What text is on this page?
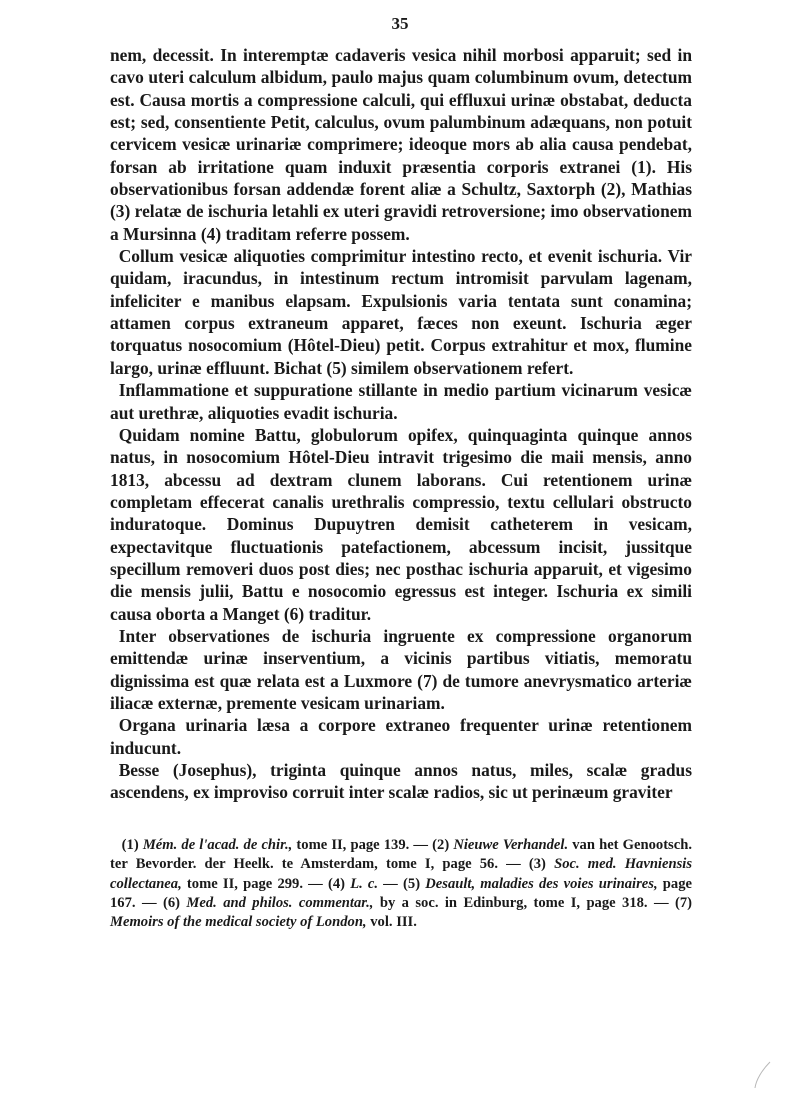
35

nem, decessit. In interemptæ cadaveris vesica nihil morbosi apparuit; sed in cavo uteri calculum albidum, paulo majus quam columbinum ovum, detectum est. Causa mortis a compressione calculi, qui effluxui urinæ obstabat, deducta est; sed, consentiente Petit, calculus, ovum palumbinum adæquans, non potuit cervicem vesicæ urinariæ comprimere; ideoque mors ab alia causa pendebat, forsan ab irritatione quam induxit præsentia corporis extranei (1). His observationibus forsan addendæ forent aliæ a Schultz, Saxtorph (2), Mathias (3) relatæ de ischuria letahli ex uteri gravidi retroversione; imo observationem a Mursinna (4) traditam referre possem.

Collum vesicæ aliquoties comprimitur intestino recto, et evenit ischuria. Vir quidam, iracundus, in intestinum rectum intromisit parvulam lagenam, infeliciter e manibus elapsam. Expulsionis varia tentata sunt conamina; attamen corpus extraneum apparet, fæces non exeunt. Ischuria æger torquatus nosocomium (Hôtel-Dieu) petit. Corpus extrahitur et mox, flumine largo, urinæ effluunt. Bichat (5) similem observationem refert.

Inflammatione et suppuratione stillante in medio partium vicinarum vesicæ aut urethræ, aliquoties evadit ischuria.

Quidam nomine Battu, globulorum opifex, quinquaginta quinque annos natus, in nosocomium Hôtel-Dieu intravit trigesimo die maii mensis, anno 1813, abcessu ad dextram clunem laborans. Cui retentionem urinæ completam effecerat canalis urethralis compressio, textu cellulari obstructo induratoque. Dominus Dupuytren demisit catheterem in vesicam, expectavitque fluctuationis patefactionem, abcessum incisit, jussitque specillum removeri duos post dies; nec posthac ischuria apparuit, et vigesimo die mensis julii, Battu e nosocomio egressus est integer. Ischuria ex simili causa oborta a Manget (6) traditur.

Inter observationes de ischuria ingruente ex compressione organorum emittendæ urinæ inserventium, a vicinis partibus vitiatis, memoratu dignissima est quæ relata est a Luxmore (7) de tumore anevrysmatico arteriæ iliacæ externæ, premente vesicam urinariam.

Organa urinaria læsa a corpore extraneo frequenter urinæ retentionem inducunt.

Besse (Josephus), triginta quinque annos natus, miles, scalæ gradus ascendens, ex improviso corruit inter scalæ radios, sic ut perinæum graviter

(1) Mém. de l'acad. de chir., tome II, page 139. — (2) Nieuwe Verhandel. van het Genootsch. ter Bevorder. der Heelk. te Amsterdam, tome I, page 56. — (3) Soc. med. Havniensis collectanea, tome II, page 299. — (4) L. c. — (5) Desault, maladies des voies urinaires, page 167. — (6) Med. and philos. commentar., by a soc. in Edinburg, tome I, page 318. — (7) Memoirs of the medical society of London, vol. III.
